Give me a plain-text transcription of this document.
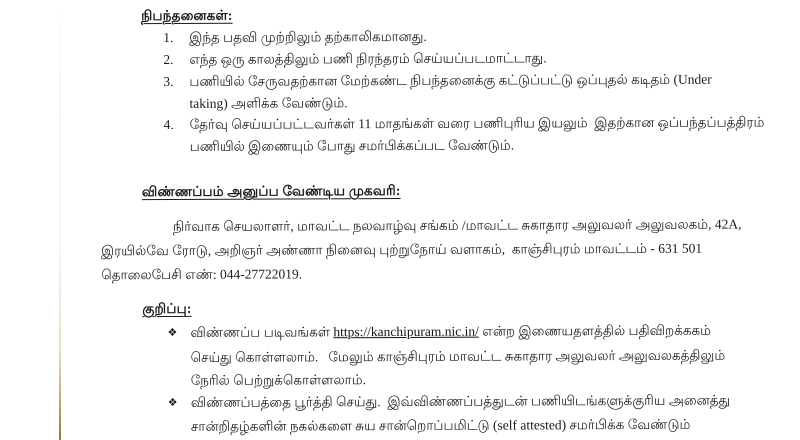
நிபந்தனைகள்:
1. இந்த பதவி முற்றிலும் தற்காலிகமானது.
2. எந்த ஒரு காலத்திலும் பணி நிரந்தரம் செய்யப்படமாட்டாது.
3. பணியில் சேருவதற்கான மேற்கண்ட நிபந்தனைக்கு கட்டுப்பட்டு ஒப்புதல் கடிதம் (Under
taking) அளிக்க வேண்டும்.
4. தேர்வு செய்யப்பட்டவர்கள் 11 மாதங்கள் வரை பணிபுரிய இயலும்  இதற்கான ஒப்பந்தப்பத்திரம்
பணியில் இணையும் போது சமர்பிக்கப்பட வேண்டும்.
விண்ணப்பம் அனுப்ப வேண்டிய முகவரி:
நிர்வாக செயலாளர், மாவட்ட நலவாழ்வு சங்கம் /மாவட்ட சுகாதார அலுவலர் அலுவலகம், 42A,
இரயில்வே ரோடு, அறிஞர் அண்ணா நினைவு புற்றுநோய் வளாகம்,  காஞ்சிபுரம் மாவட்டம் - 631 501
தொலைபேசி எண்: 044-27722019.
குறிப்பு:
❖ விண்ணப்ப படிவங்கள் https://kanchipuram.nic.in/ என்ற இணையதளத்தில் பதிவிறக்ககம்
செய்து கொள்ளலாம்.   மேலும் காஞ்சிபுரம் மாவட்ட சுகாதார அலுவலர் அலுவலகத்திலும்
நேரில் பெற்றுக்கொள்ளலாம்.
❖ விண்ணப்பத்தை பூர்த்தி செய்து.  இவ்விண்ணப்பத்துடன் பணியிடங்களுக்குரிய அனைத்து
சான்றிதழ்களின் நகல்களை சுய சான்றொப்பமிட்டு (self attested) சமர்பிக்க வேண்டும்
